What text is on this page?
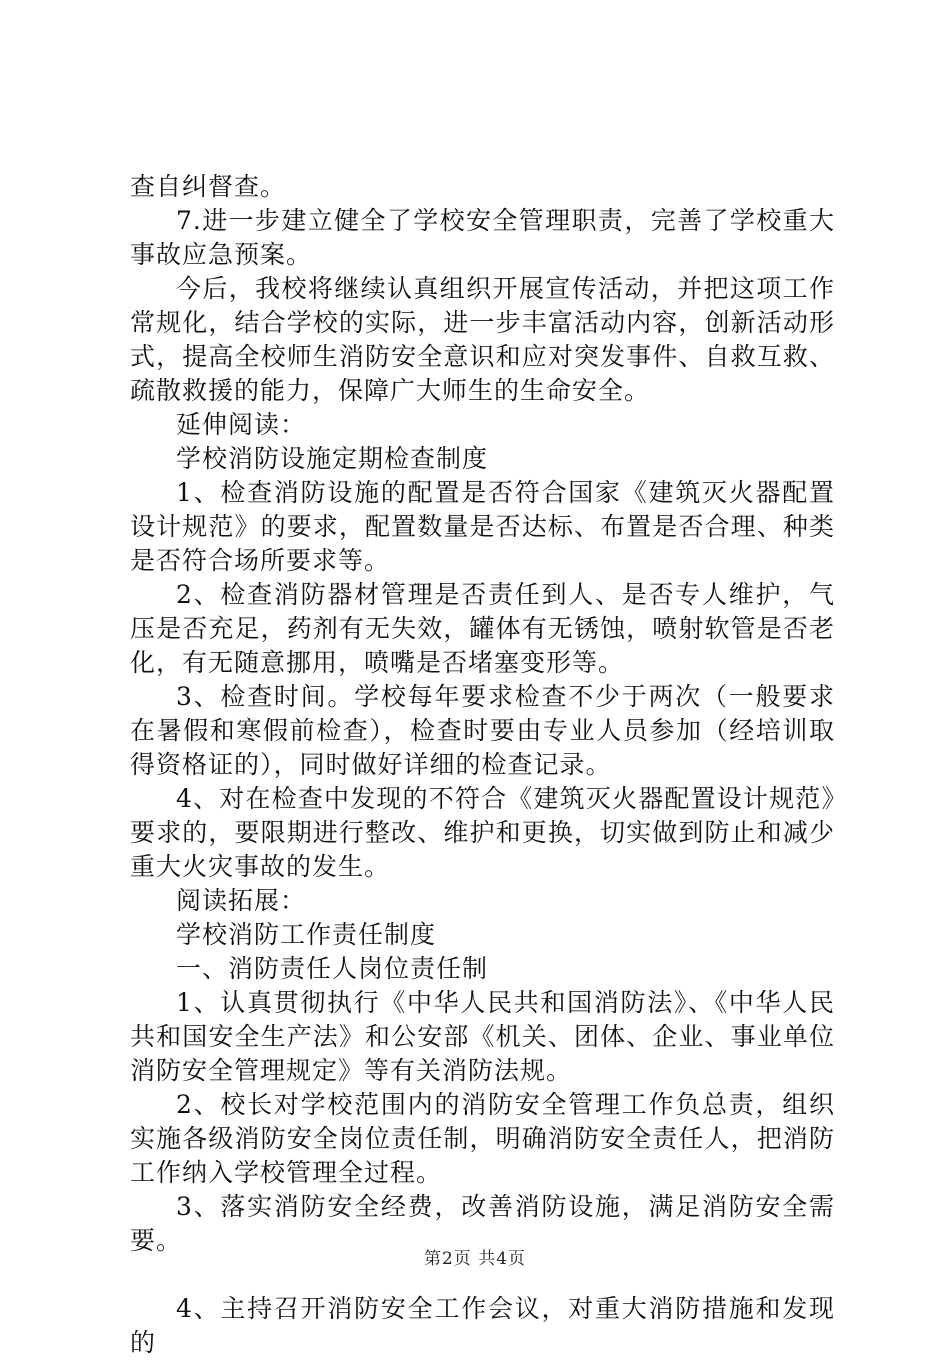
查自纠督查。

7.进一步建立健全了学校安全管理职责，完善了学校重大事故应急预案。

今后，我校将继续认真组织开展宣传活动，并把这项工作常规化，结合学校的实际，进一步丰富活动内容，创新活动形式，提高全校师生消防安全意识和应对突发事件、自救互救、疏散救援的能力，保障广大师生的生命安全。

延伸阅读：

学校消防设施定期检查制度

1、检查消防设施的配置是否符合国家《建筑灭火器配置设计规范》的要求，配置数量是否达标、布置是否合理、种类是否符合场所要求等。

2、检查消防器材管理是否责任到人、是否专人维护，气压是否充足，药剂有无失效，罐体有无锈蚀，喷射软管是否老化，有无随意挪用，喷嘴是否堵塞变形等。

3、检查时间。学校每年要求检查不少于两次（一般要求在暑假和寒假前检查），检查时要由专业人员参加（经培训取得资格证的），同时做好详细的检查记录。

4、对在检查中发现的不符合《建筑灭火器配置设计规范》要求的，要限期进行整改、维护和更换，切实做到防止和减少重大火灾事故的发生。

阅读拓展：

学校消防工作责任制度

一、消防责任人岗位责任制

1、认真贯彻执行《中华人民共和国消防法》、《中华人民共和国安全生产法》和公安部《机关、团体、企业、事业单位消防安全管理规定》等有关消防法规。

2、校长对学校范围内的消防安全管理工作负总责，组织实施各级消防安全岗位责任制，明确消防安全责任人，把消防工作纳入学校管理全过程。

3、落实消防安全经费，改善消防设施，满足消防安全需要。

4、主持召开消防安全工作会议，对重大消防措施和发现的

第2页 共4页
